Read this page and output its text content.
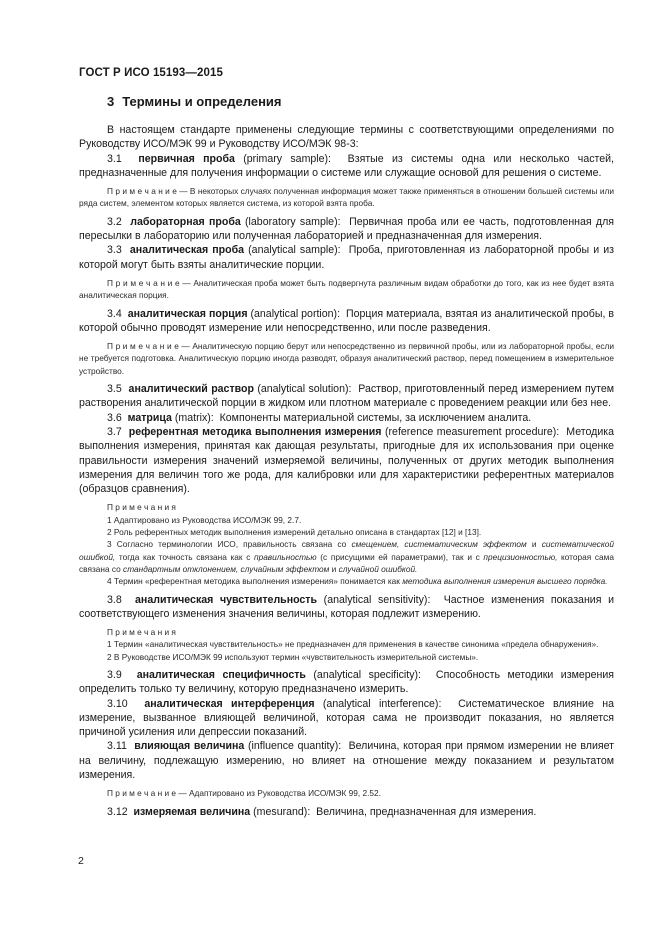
ГОСТ Р ИСО 15193—2015
3 Термины и определения

В настоящем стандарте применены следующие термины с соответствующими определениями по Руководству ИСО/МЭК 99 и Руководству ИСО/МЭК 98-3:

3.1 первичная проба (primary sample): Взятые из системы одна или несколько частей, предназначенные для получения информации о системе или служащие основой для решения о системе.

П р и м е ч а н и е — В некоторых случаях полученная информация может также применяться в отношении большей системы или ряда систем, элементом которых является система, из которой взята проба.

3.2 лабораторная проба (laboratory sample): Первичная проба или ее часть, подготовленная для пересылки в лабораторию или полученная лабораторией и предназначенная для измерения.

3.3 аналитическая проба (analytical sample): Проба, приготовленная из лабораторной пробы и из которой могут быть взяты аналитические порции.

П р и м е ч а н и е — Аналитическая проба может быть подвергнута различным видам обработки до того, как из нее будет взята аналитическая порция.

3.4 аналитическая порция (analytical portion): Порция материала, взятая из аналитической пробы, в которой обычно проводят измерение или непосредственно, или после разведения.

П р и м е ч а н и е — Аналитическую порцию берут или непосредственно из первичной пробы, или из лабораторной пробы, если не требуется подготовка. Аналитическую порцию иногда разводят, образуя аналитический раствор, перед помещением в измерительное устройство.

3.5 аналитический раствор (analytical solution): Раствор, приготовленный перед измерением путем растворения аналитической порции в жидком или плотном материале с проведением реакции или без нее.

3.6 матрица (matrix): Компоненты материальной системы, за исключением аналита.

3.7 референтная методика выполнения измерения (reference measurement procedure): Методика выполнения измерения, принятая как дающая результаты, пригодные для их использования при оценке правильности измерения значений измеряемой величины, полученных от других методик выполнения измерения для величин того же рода, для калибровки или для характеристики референтных материалов (образцов сравнения).

П р и м е ч а н и я

1 Адаптировано из Руководства ИСО/МЭК 99, 2.7.

2 Роль референтных методик выполнения измерений детально описана в стандартах [12] и [13].

3 Согласно терминологии ИСО, правильность связана со смещением, систематическим эффектом и систематической ошибкой, тогда как точность связана как с правильностью (с присущими ей параметрами), так и с прецизионностью, которая сама связана со стандартным отклонением, случайным эффектом и случайной ошибкой.

4 Термин «референтная методика выполнения измерения» понимается как методика выполнения измерения высшего порядка.

3.8 аналитическая чувствительность (analytical sensitivity): Частное изменения показания и соответствующего изменения значения величины, которая подлежит измерению.

П р и м е ч а н и я

1 Термин «аналитическая чувствительность» не предназначен для применения в качестве синонима «предела обнаружения».

2 В Руководстве ИСО/МЭК 99 используют термин «чувствительность измерительной системы».

3.9 аналитическая специфичность (analytical specificity): Способность методики измерения определить только ту величину, которую предназначено измерить.

3.10 аналитическая интерференция (analytical interference): Систематическое влияние на измерение, вызванное влияющей величиной, которая сама не производит показания, но является причиной усиления или депрессии показаний.

3.11 влияющая величина (influence quantity): Величина, которая при прямом измерении не влияет на величину, подлежащую измерению, но влияет на отношение между показанием и результатом измерения.

П р и м е ч а н и е — Адаптировано из Руководства ИСО/МЭК 99, 2.52.

3.12 измеряемая величина (mesurand): Величина, предназначенная для измерения.

2
